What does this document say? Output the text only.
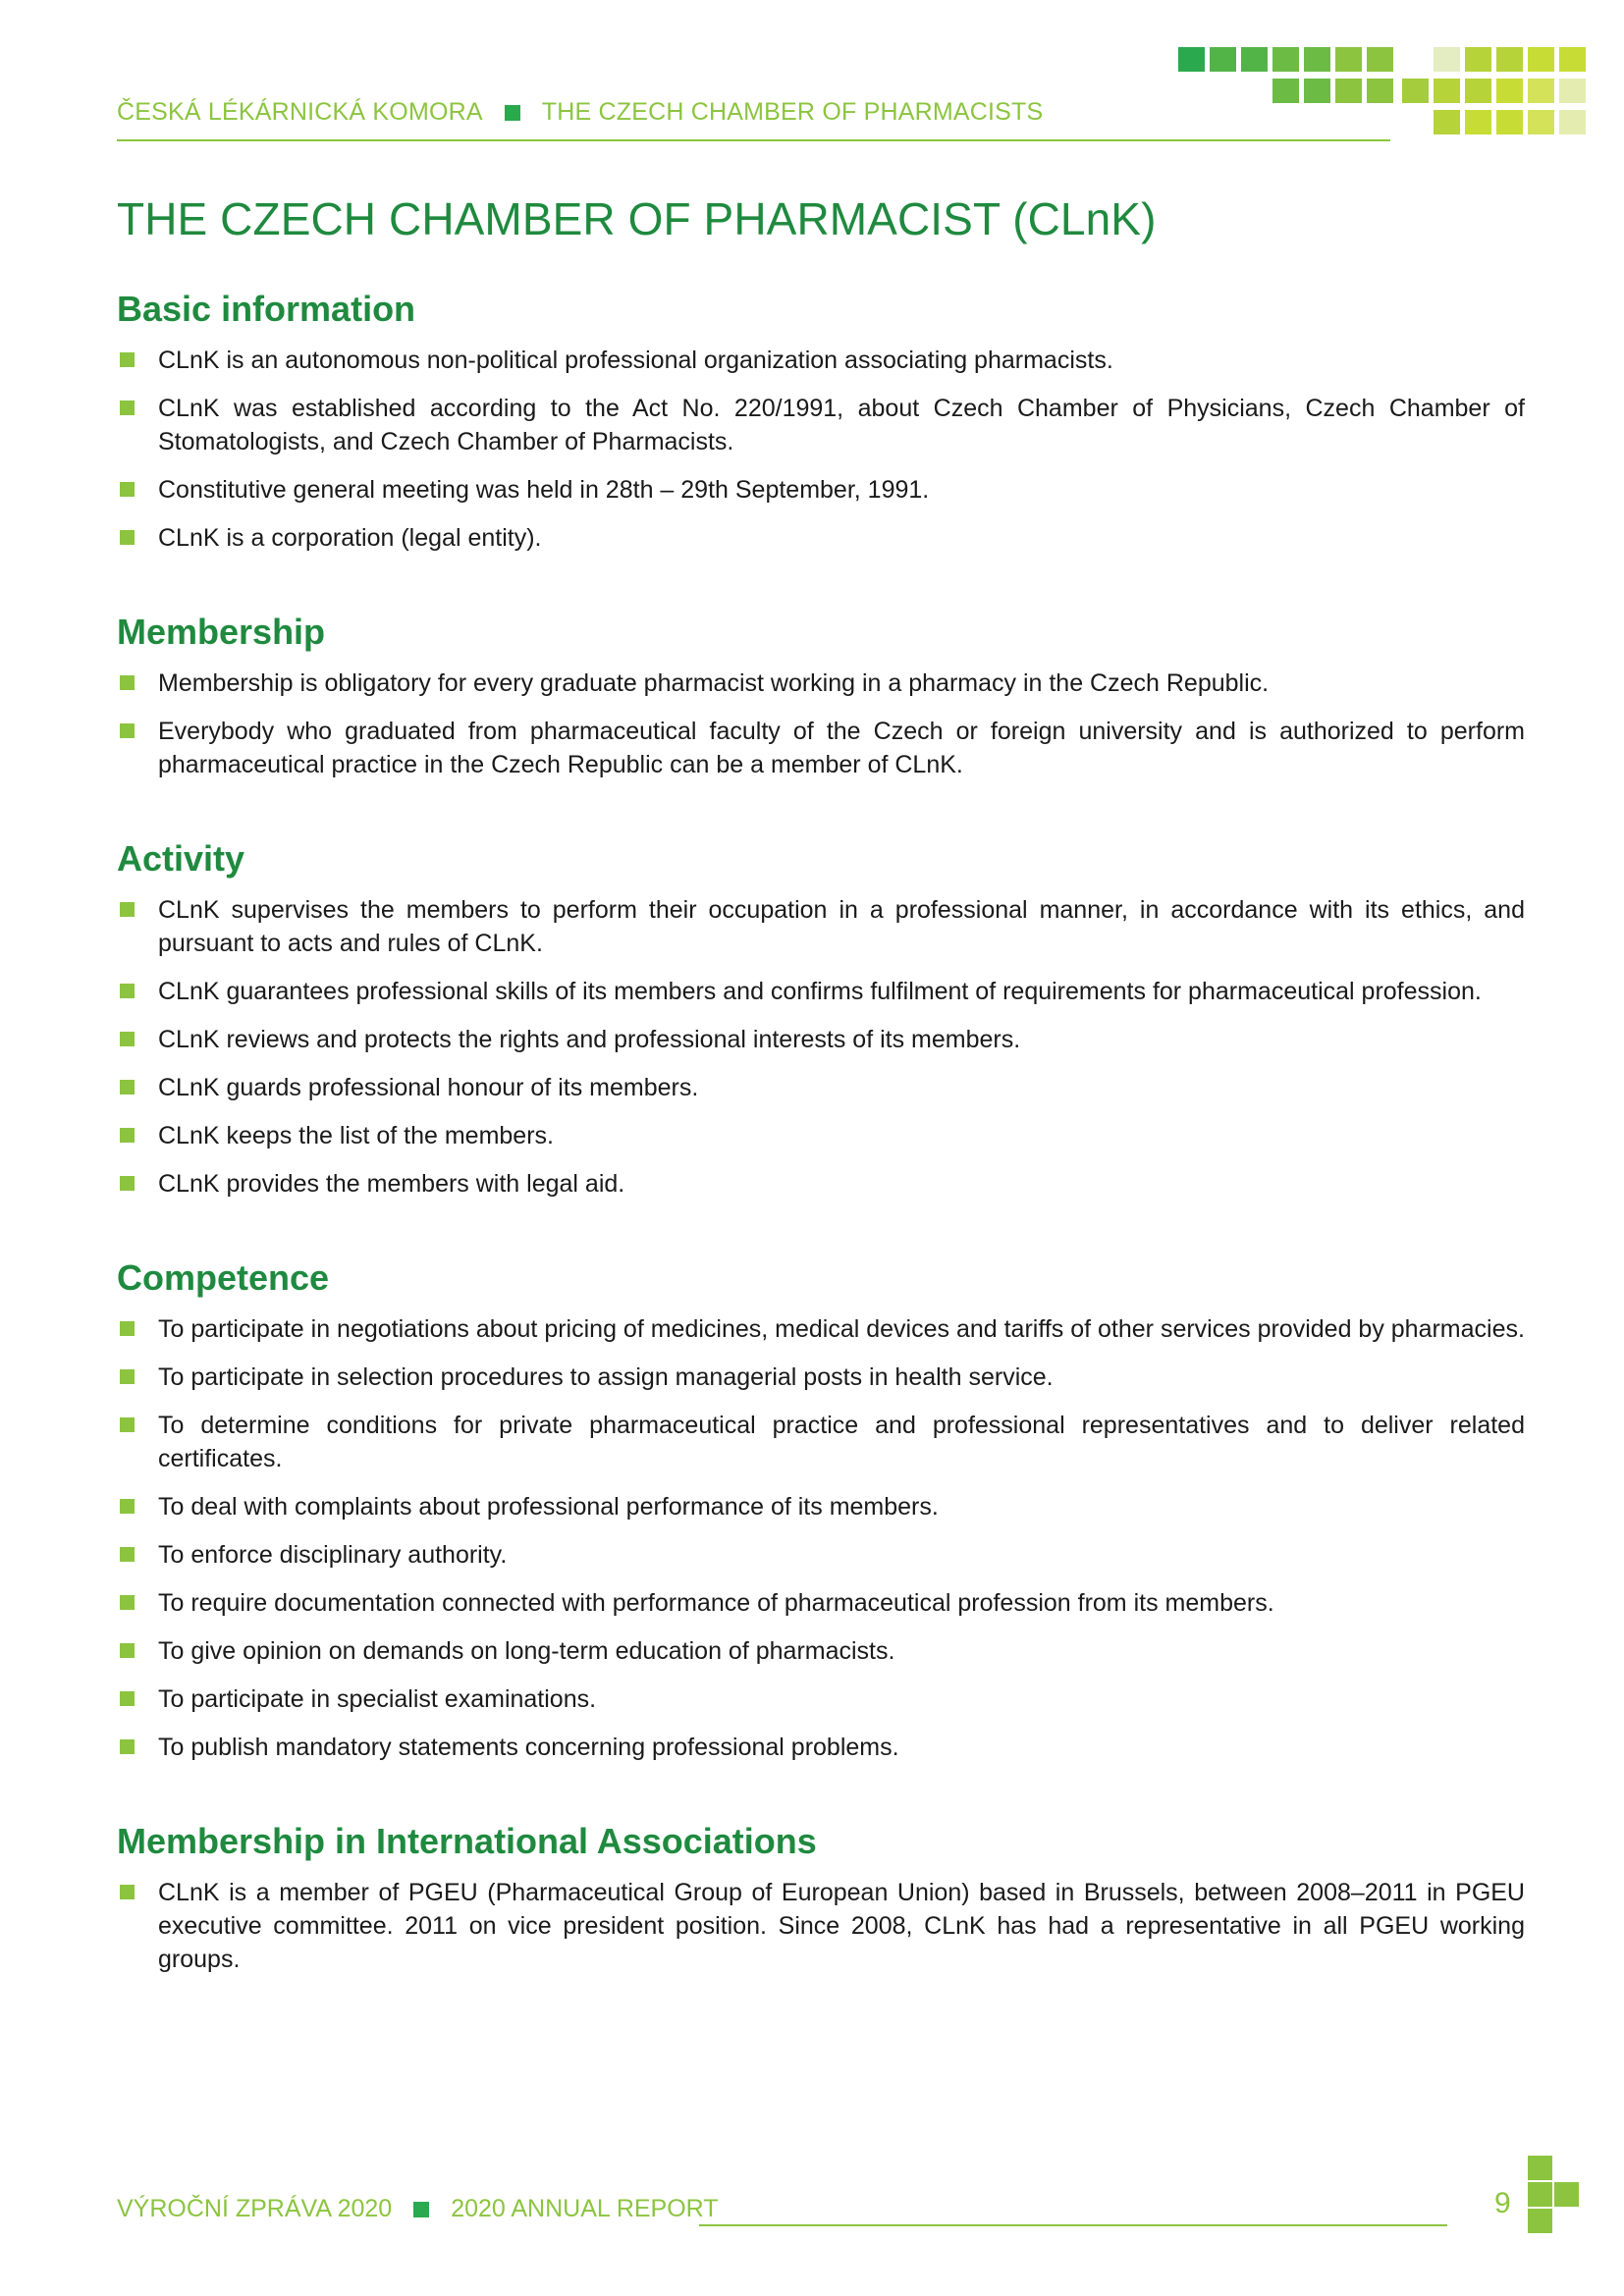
ČESKÁ LÉKÁRNICKÁ KOMORA THE CZECH CHAMBER OF PHARMACISTS
THE CZECH CHAMBER OF PHARMACIST (CLnK)
Basic information
CLnK is an autonomous non-political professional organization associating pharmacists.
CLnK was established according to the Act No. 220/1991, about Czech Chamber of Physicians, Czech Chamber of Stomatologists, and Czech Chamber of Pharmacists.
Constitutive general meeting was held in 28th – 29th September, 1991.
CLnK is a corporation (legal entity).
Membership
Membership is obligatory for every graduate pharmacist working in a pharmacy in the Czech Republic.
Everybody who graduated from pharmaceutical faculty of the Czech or foreign university and is authorized to perform pharmaceutical practice in the Czech Republic can be a member of CLnK.
Activity
CLnK supervises the members to perform their occupation in a professional manner, in accordance with its ethics, and pursuant to acts and rules of CLnK.
CLnK guarantees professional skills of its members and confirms fulfilment of requirements for pharmaceutical profession.
CLnK reviews and protects the rights and professional interests of its members.
CLnK guards professional honour of its members.
CLnK keeps the list of the members.
CLnK provides the members with legal aid.
Competence
To participate in negotiations about pricing of medicines, medical devices and tariffs of other services provided by pharmacies.
To participate in selection procedures to assign managerial posts in health service.
To determine conditions for private pharmaceutical practice and professional representatives and to deliver related certificates.
To deal with complaints about professional performance of its members.
To enforce disciplinary authority.
To require documentation connected with performance of pharmaceutical profession from its members.
To give opinion on demands on long-term education of pharmacists.
To participate in specialist examinations.
To publish mandatory statements concerning professional problems.
Membership in International Associations
CLnK is a member of PGEU (Pharmaceutical Group of European Union) based in Brussels, between 2008–2011 in PGEU executive committee. 2011 on vice president position. Since 2008, CLnK has had a representative in all PGEU working groups.
VÝROČNÍ ZPRÁVA 2020 2020 ANNUAL REPORT	9
